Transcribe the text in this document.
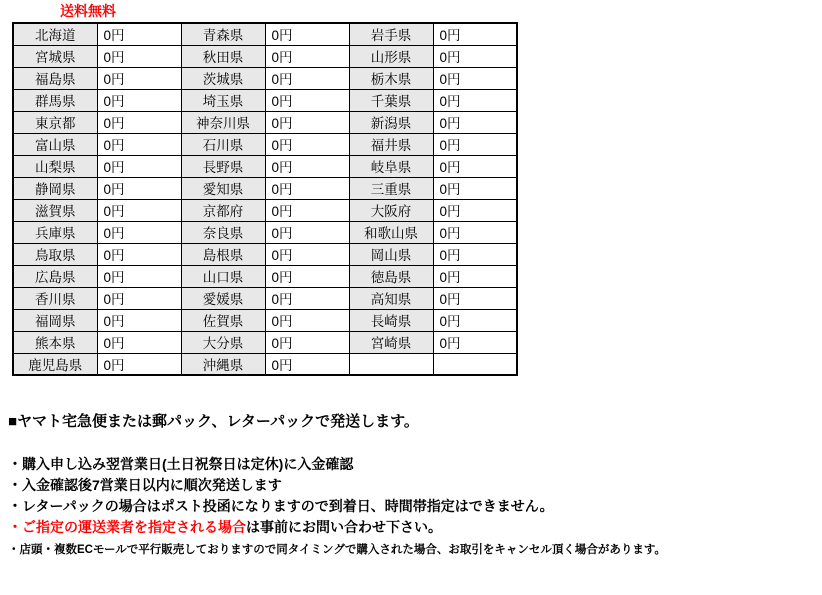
送料無料
北海道	0円	青森県	0円	岩手県	0円
宮城県	0円	秋田県	0円	山形県	0円
福島県	0円	茨城県	0円	栃木県	0円
群馬県	0円	埼玉県	0円	千葉県	0円
東京都	0円	神奈川県	0円	新潟県	0円
富山県	0円	石川県	0円	福井県	0円
山梨県	0円	長野県	0円	岐阜県	0円
静岡県	0円	愛知県	0円	三重県	0円
滋賀県	0円	京都府	0円	大阪府	0円
兵庫県	0円	奈良県	0円	和歌山県	0円
鳥取県	0円	島根県	0円	岡山県	0円
広島県	0円	山口県	0円	徳島県	0円
香川県	0円	愛媛県	0円	高知県	0円
福岡県	0円	佐賀県	0円	長崎県	0円
熊本県	0円	大分県	0円	宮崎県	0円
鹿児島県	0円	沖縄県	0円		
■ヤマト宅急便または郵パック、レターパックで発送します。
・購入申し込み翌営業日(土日祝祭日は定休)に入金確認
・入金確認後7営業日以内に順次発送します
・レターパックの場合はポスト投函になりますので到着日、時間帯指定はできません。
・ご指定の運送業者を指定される場合は事前にお問い合わせ下さい。
・店頭・複数ECモールで平行販売しておりますので同タイミングで購入された場合、お取引をキャンセル頂く場合があります。
